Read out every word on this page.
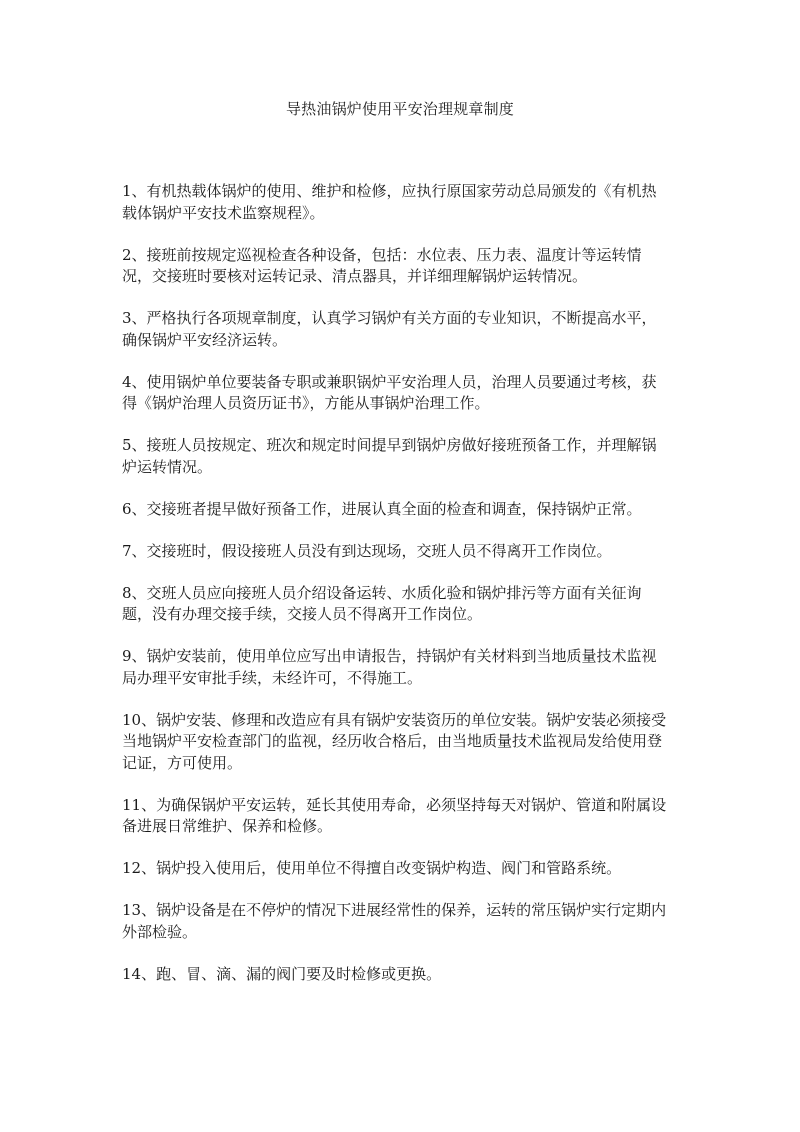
导热油锅炉使用平安治理规章制度
1、有机热载体锅炉的使用、维护和检修，应执行原国家劳动总局颁发的《有机热载体锅炉平安技术监察规程》。
2、接班前按规定巡视检查各种设备，包括：水位表、压力表、温度计等运转情况，交接班时要核对运转记录、清点器具，并详细理解锅炉运转情况。
3、严格执行各项规章制度，认真学习锅炉有关方面的专业知识，不断提高水平，确保锅炉平安经济运转。
4、使用锅炉单位要装备专职或兼职锅炉平安治理人员，治理人员要通过考核，获得《锅炉治理人员资历证书》，方能从事锅炉治理工作。
5、接班人员按规定、班次和规定时间提早到锅炉房做好接班预备工作，并理解锅炉运转情况。
6、交接班者提早做好预备工作，进展认真全面的检查和调查，保持锅炉正常。
7、交接班时，假设接班人员没有到达现场，交班人员不得离开工作岗位。
8、交班人员应向接班人员介绍设备运转、水质化验和锅炉排污等方面有关征询题，没有办理交接手续，交接人员不得离开工作岗位。
9、锅炉安装前，使用单位应写出申请报告，持锅炉有关材料到当地质量技术监视局办理平安审批手续，未经许可，不得施工。
10、锅炉安装、修理和改造应有具有锅炉安装资历的单位安装。锅炉安装必须接受当地锅炉平安检查部门的监视，经历收合格后，由当地质量技术监视局发给使用登记证，方可使用。
11、为确保锅炉平安运转，延长其使用寿命，必须坚持每天对锅炉、管道和附属设备进展日常维护、保养和检修。
12、锅炉投入使用后，使用单位不得擅自改变锅炉构造、阀门和管路系统。
13、锅炉设备是在不停炉的情况下进展经常性的保养，运转的常压锅炉实行定期内外部检验。
14、跑、冒、滴、漏的阀门要及时检修或更换。
